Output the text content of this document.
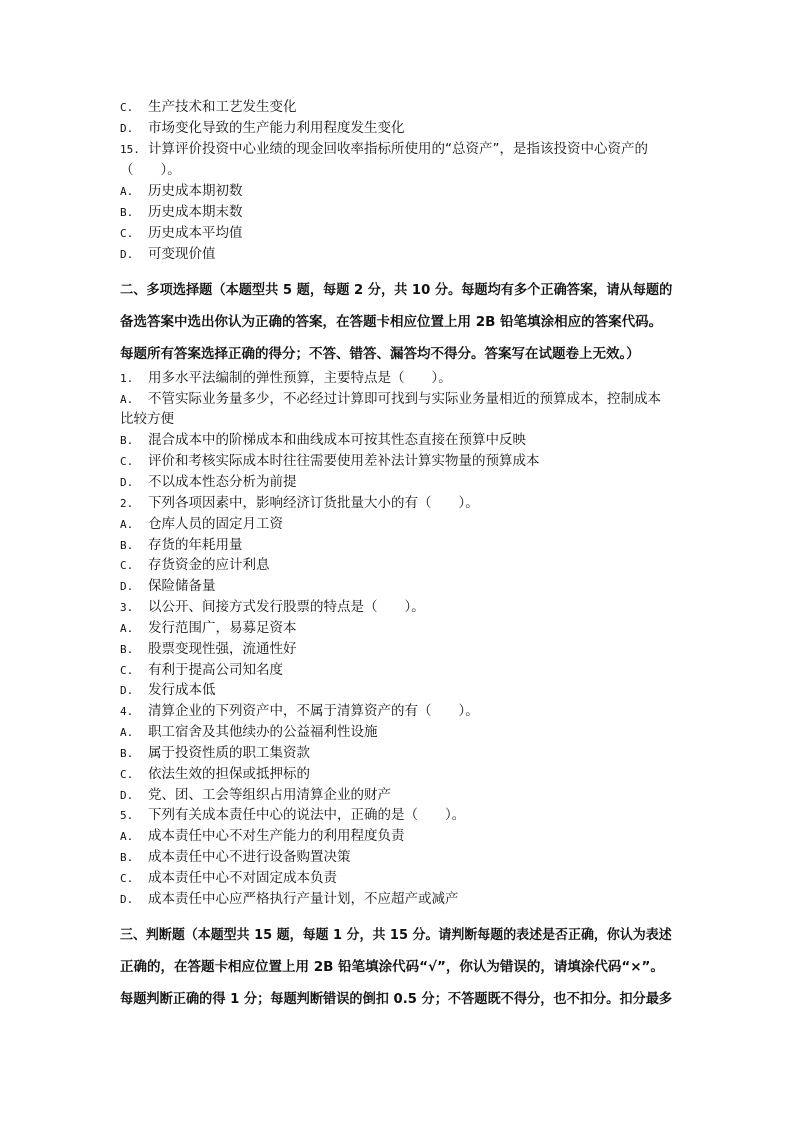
C. 生产技术和工艺发生变化
D. 市场变化导致的生产能力利用程度发生变化
15. 计算评价投资中心业绩的现金回收率指标所使用的“总资产”，是指该投资中心资产的
（　　）。
A. 历史成本期初数
B. 历史成本期末数
C. 历史成本平均值
D. 可变现价值
二、多项选择题（本题型共 5 题，每题 2 分，共 10 分。每题均有多个正确答案，请从每题的
备选答案中选出你认为正确的答案，在答题卡相应位置上用 2B 铅笔填涂相应的答案代码。
每题所有答案选择正确的得分；不答、错答、漏答均不得分。答案写在试题卷上无效。）
1. 用多水平法编制的弹性预算，主要特点是（　　）。
A. 不管实际业务量多少，不必经过计算即可找到与实际业务量相近的预算成本，控制成本
比较方便
B. 混合成本中的阶梯成本和曲线成本可按其性态直接在预算中反映
C. 评价和考核实际成本时往往需要使用差补法计算实物量的预算成本
D. 不以成本性态分析为前提
2. 下列各项因素中，影响经济订货批量大小的有（　　）。
A. 仓库人员的固定月工资
B. 存货的年耗用量
C. 存货资金的应计利息
D. 保险储备量
3. 以公开、间接方式发行股票的特点是（　　）。
A. 发行范围广，易募足资本
B. 股票变现性强，流通性好
C. 有利于提高公司知名度
D. 发行成本低
4. 清算企业的下列资产中，不属于清算资产的有（　　）。
A. 职工宿舍及其他续办的公益福利性设施
B. 属于投资性质的职工集资款
C. 依法生效的担保或抵押标的
D. 党、团、工会等组织占用清算企业的财产
5. 下列有关成本责任中心的说法中，正确的是（　　）。
A. 成本责任中心不对生产能力的利用程度负责
B. 成本责任中心不进行设备购置决策
C. 成本责任中心不对固定成本负责
D. 成本责任中心应严格执行产量计划，不应超产或减产
三、判断题（本题型共 15 题，每题 1 分，共 15 分。请判断每题的表述是否正确，你认为表述
正确的，在答题卡相应位置上用 2B 铅笔填涂代码“√”，你认为错误的，请填涂代码“×”。
每题判断正确的得 1 分；每题判断错误的倒扣 0.5 分；不答题既不得分，也不扣分。扣分最多
